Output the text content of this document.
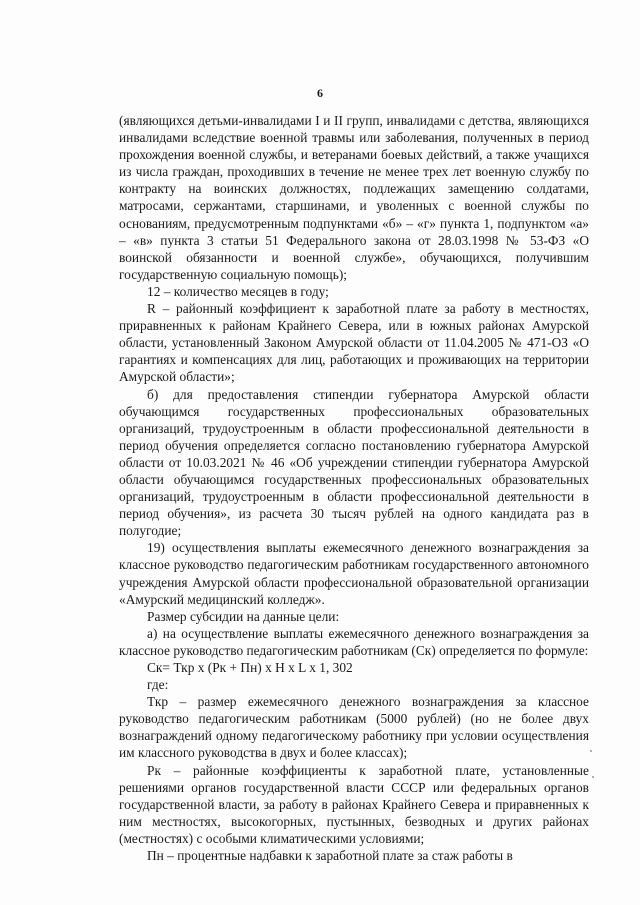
6

(являющихся детьми-инвалидами I и II групп, инвалидами с детства, являющихся инвалидами вследствие военной травмы или заболевания, полученных в период прохождения военной службы, и ветеранами боевых действий, а также учащихся из числа граждан, проходивших в течение не менее трех лет военную службу по контракту на воинских должностях, подлежащих замещению солдатами, матросами, сержантами, старшинами, и уволенных с военной службы по основаниям, предусмотренным подпунктами «б» – «г» пункта 1, подпунктом «а» – «в» пункта 3 статьи 51 Федерального закона от 28.03.1998 № 53-ФЗ «О воинской обязанности и военной службе», обучающихся, получившим государственную социальную помощь);

12 – количество месяцев в году;

R – районный коэффициент к заработной плате за работу в местностях, приравненных к районам Крайнего Севера, или в южных районах Амурской области, установленный Законом Амурской области от 11.04.2005 № 471-ОЗ «О гарантиях и компенсациях для лиц, работающих и проживающих на территории Амурской области»;

б) для предоставления стипендии губернатора Амурской области обучающимся государственных профессиональных образовательных организаций, трудоустроенным в области профессиональной деятельности в период обучения определяется согласно постановлению губернатора Амурской области от 10.03.2021 № 46 «Об учреждении стипендии губернатора Амурской области обучающимся государственных профессиональных образовательных организаций, трудоустроенным в области профессиональной деятельности в период обучения», из расчета 30 тысяч рублей на одного кандидата раз в полугодие;

19) осуществления выплаты ежемесячного денежного вознаграждения за классное руководство педагогическим работникам государственного автономного учреждения Амурской области профессиональной образовательной организации «Амурский медицинский колледж».

Размер субсидии на данные цели:

а) на осуществление выплаты ежемесячного денежного вознаграждения за классное руководство педагогическим работникам (Ск) определяется по формуле:

Ск= Ткр x (Рк + Пн) x Н x L x 1, 302

где:

Ткр – размер ежемесячного денежного вознаграждения за классное руководство педагогическим работникам (5000 рублей) (но не более двух вознаграждений одному педагогическому работнику при условии осуществления им классного руководства в двух и более классах);

Рк – районные коэффициенты к заработной плате, установленные решениями органов государственной власти СССР или федеральных органов государственной власти, за работу в районах Крайнего Севера и приравненных к ним местностях, высокогорных, пустынных, безводных и других районах (местностях) с особыми климатическими условиями;

Пн – процентные надбавки к заработной плате за стаж работы в
